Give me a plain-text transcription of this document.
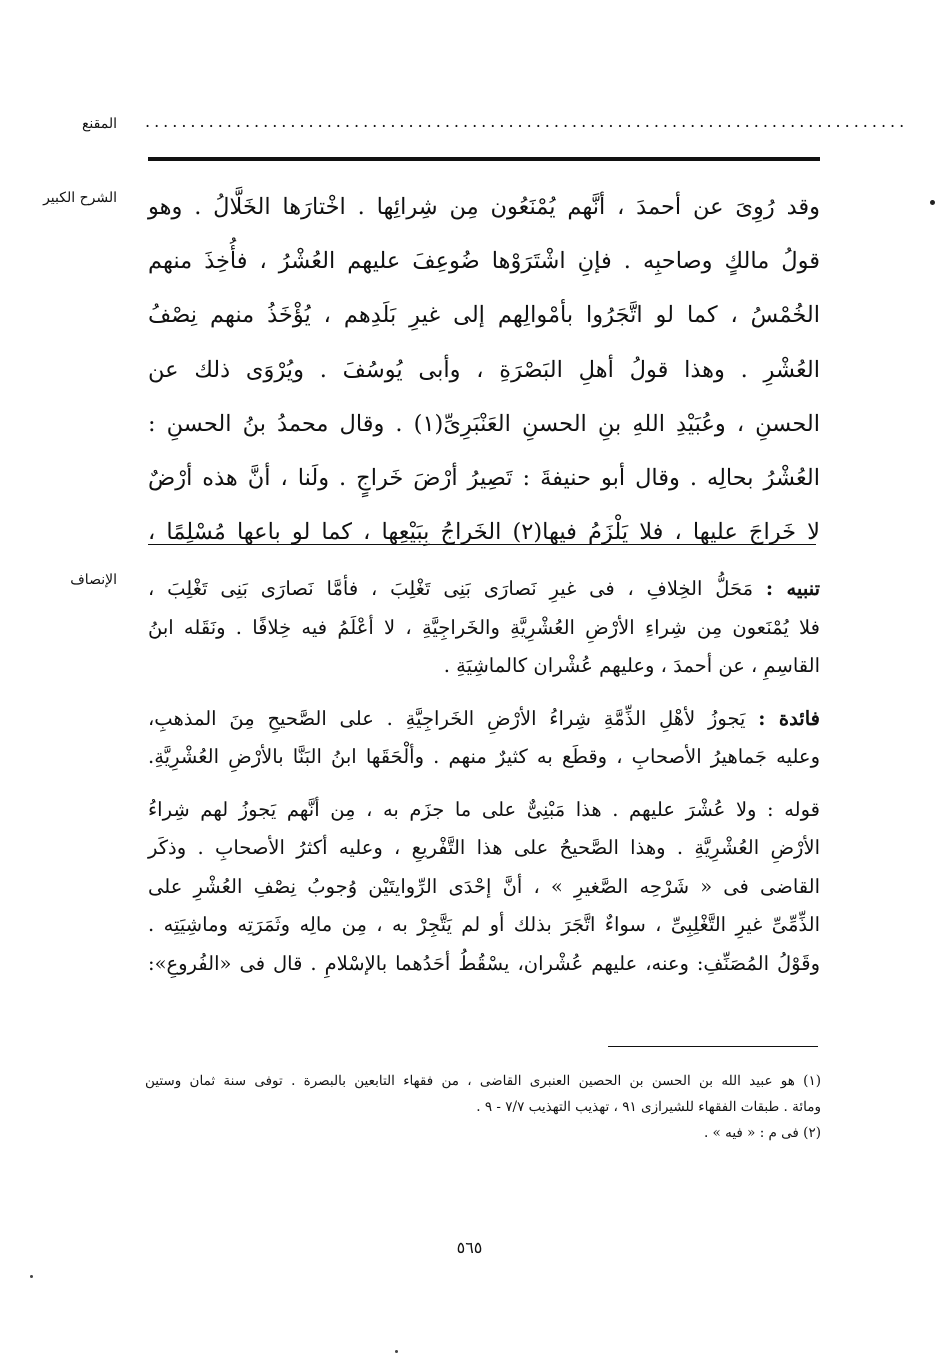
المقنع ....................................................................................
الشرح الكبير وقد رُوِىَ عن أحمدَ ، أنَّهم يُمْنَعُون مِن شِرائِها . اخْتارَها الخَلَّالُ . وهو
قولُ مالكٍ وصاحبِه . فإنِ اشْتَرَوْها ضُوعِفَ عليهم العُشْرُ ، فأُخِذَ منهم
الخُمْسُ ، كما لو اتَّجَرُوا بأمْوالِهم إلى غيرِ بَلَدِهم ، يُؤْخَذُ منهم نِصْفُ
العُشْرِ . وهذا قولُ أهلِ البَصْرَةِ ، وأبى يُوسُفَ . ويُرْوَى ذلك عن
الحسنِ ، وعُبَيْدِ اللهِ بنِ الحسنِ العَنْبَرِىِّ(١) . وقال محمدُ بنُ الحسنِ :
العُشْرُ بحالِه . وقال أبو حنيفةَ : تَصِيرُ أرْضَ خَراجٍ . ولَنا ، أنَّ هذه أرْضٌ
لا خَراجَ عليها ، فلا يَلْزَمُ فيها(٢) الخَراجُ بِبَيْعِها ، كما لو باعها مُسْلِمًا ،
الإنصاف	تنبيه : مَحَلُّ الخِلافِ ، فى غيرِ نَصارَى بَنِى تَغْلِبَ ، فأمَّا نَصارَى بَنِى تَغْلِبَ ،
فلا يُمْنَعون مِن شِراءِ الأرْضِ العُشْرِيَّةِ والخَراجِيَّةِ ، لا أعْلَمُ فيه خِلافًا . ونَقَله ابنُ
القاسِمِ ، عن أحمدَ ، وعليهم عُشْران كالماشِيَةِ .
فائدة : يَجوزُ لأهْلِ الذِّمَّةِ شِراءُ الأرْضِ الخَراجِيَّةِ . على الصَّحيحِ مِنَ المذهبِ،
وعليه جَماهيرُ الأصحابِ ، وقطَع به كثيرٌ منهم . وألْحَقَها ابنُ البَنَّا بالأرْضِ العُشْرِيَّةِ.
قوله : ولا عُشْرَ عليهم . هذا مَبْنِىٌّ على ما جزَم به ، مِن أنَّهم يَجوزُ لهم شِراءُ
الأرْضِ العُشْرِيَّةِ . وهذا الصَّحيحُ على هذا التَّفْريعِ ، وعليه أكثرُ الأصحابِ . وذكَر
القاضى فى « شَرْحِه الصَّغيرِ » ، أنَّ إحْدَى الرِّوايتَيْن وُجوبُ نِصْفِ العُشْرِ على
الذِّمِّىِّ غيرِ التَّغْلِبِىِّ ، سواءٌ اتَّجَرَ بذلك أو لم يَتَّجِرْ به ، مِن مالِه وثَمَرَتِه وماشِيَتِه .
وقَوْلُ المُصَنِّفِ: وعنه، عليهم عُشْران، يسْقُطُ أحَدُهما بالإسْلامِ . قال فى «الفُروعِ»:
(١) هو عبيد الله بن الحسن بن الحصين العنبرى القاضى ، من فقهاء التابعين بالبصرة . توفى سنة ثمان وستين
ومائة . طبقات الفقهاء للشيرازى ٩١ ، تهذيب التهذيب ٧/٧ - ٩ .
(٢) فى م : « فيه » .
٥٦٥
